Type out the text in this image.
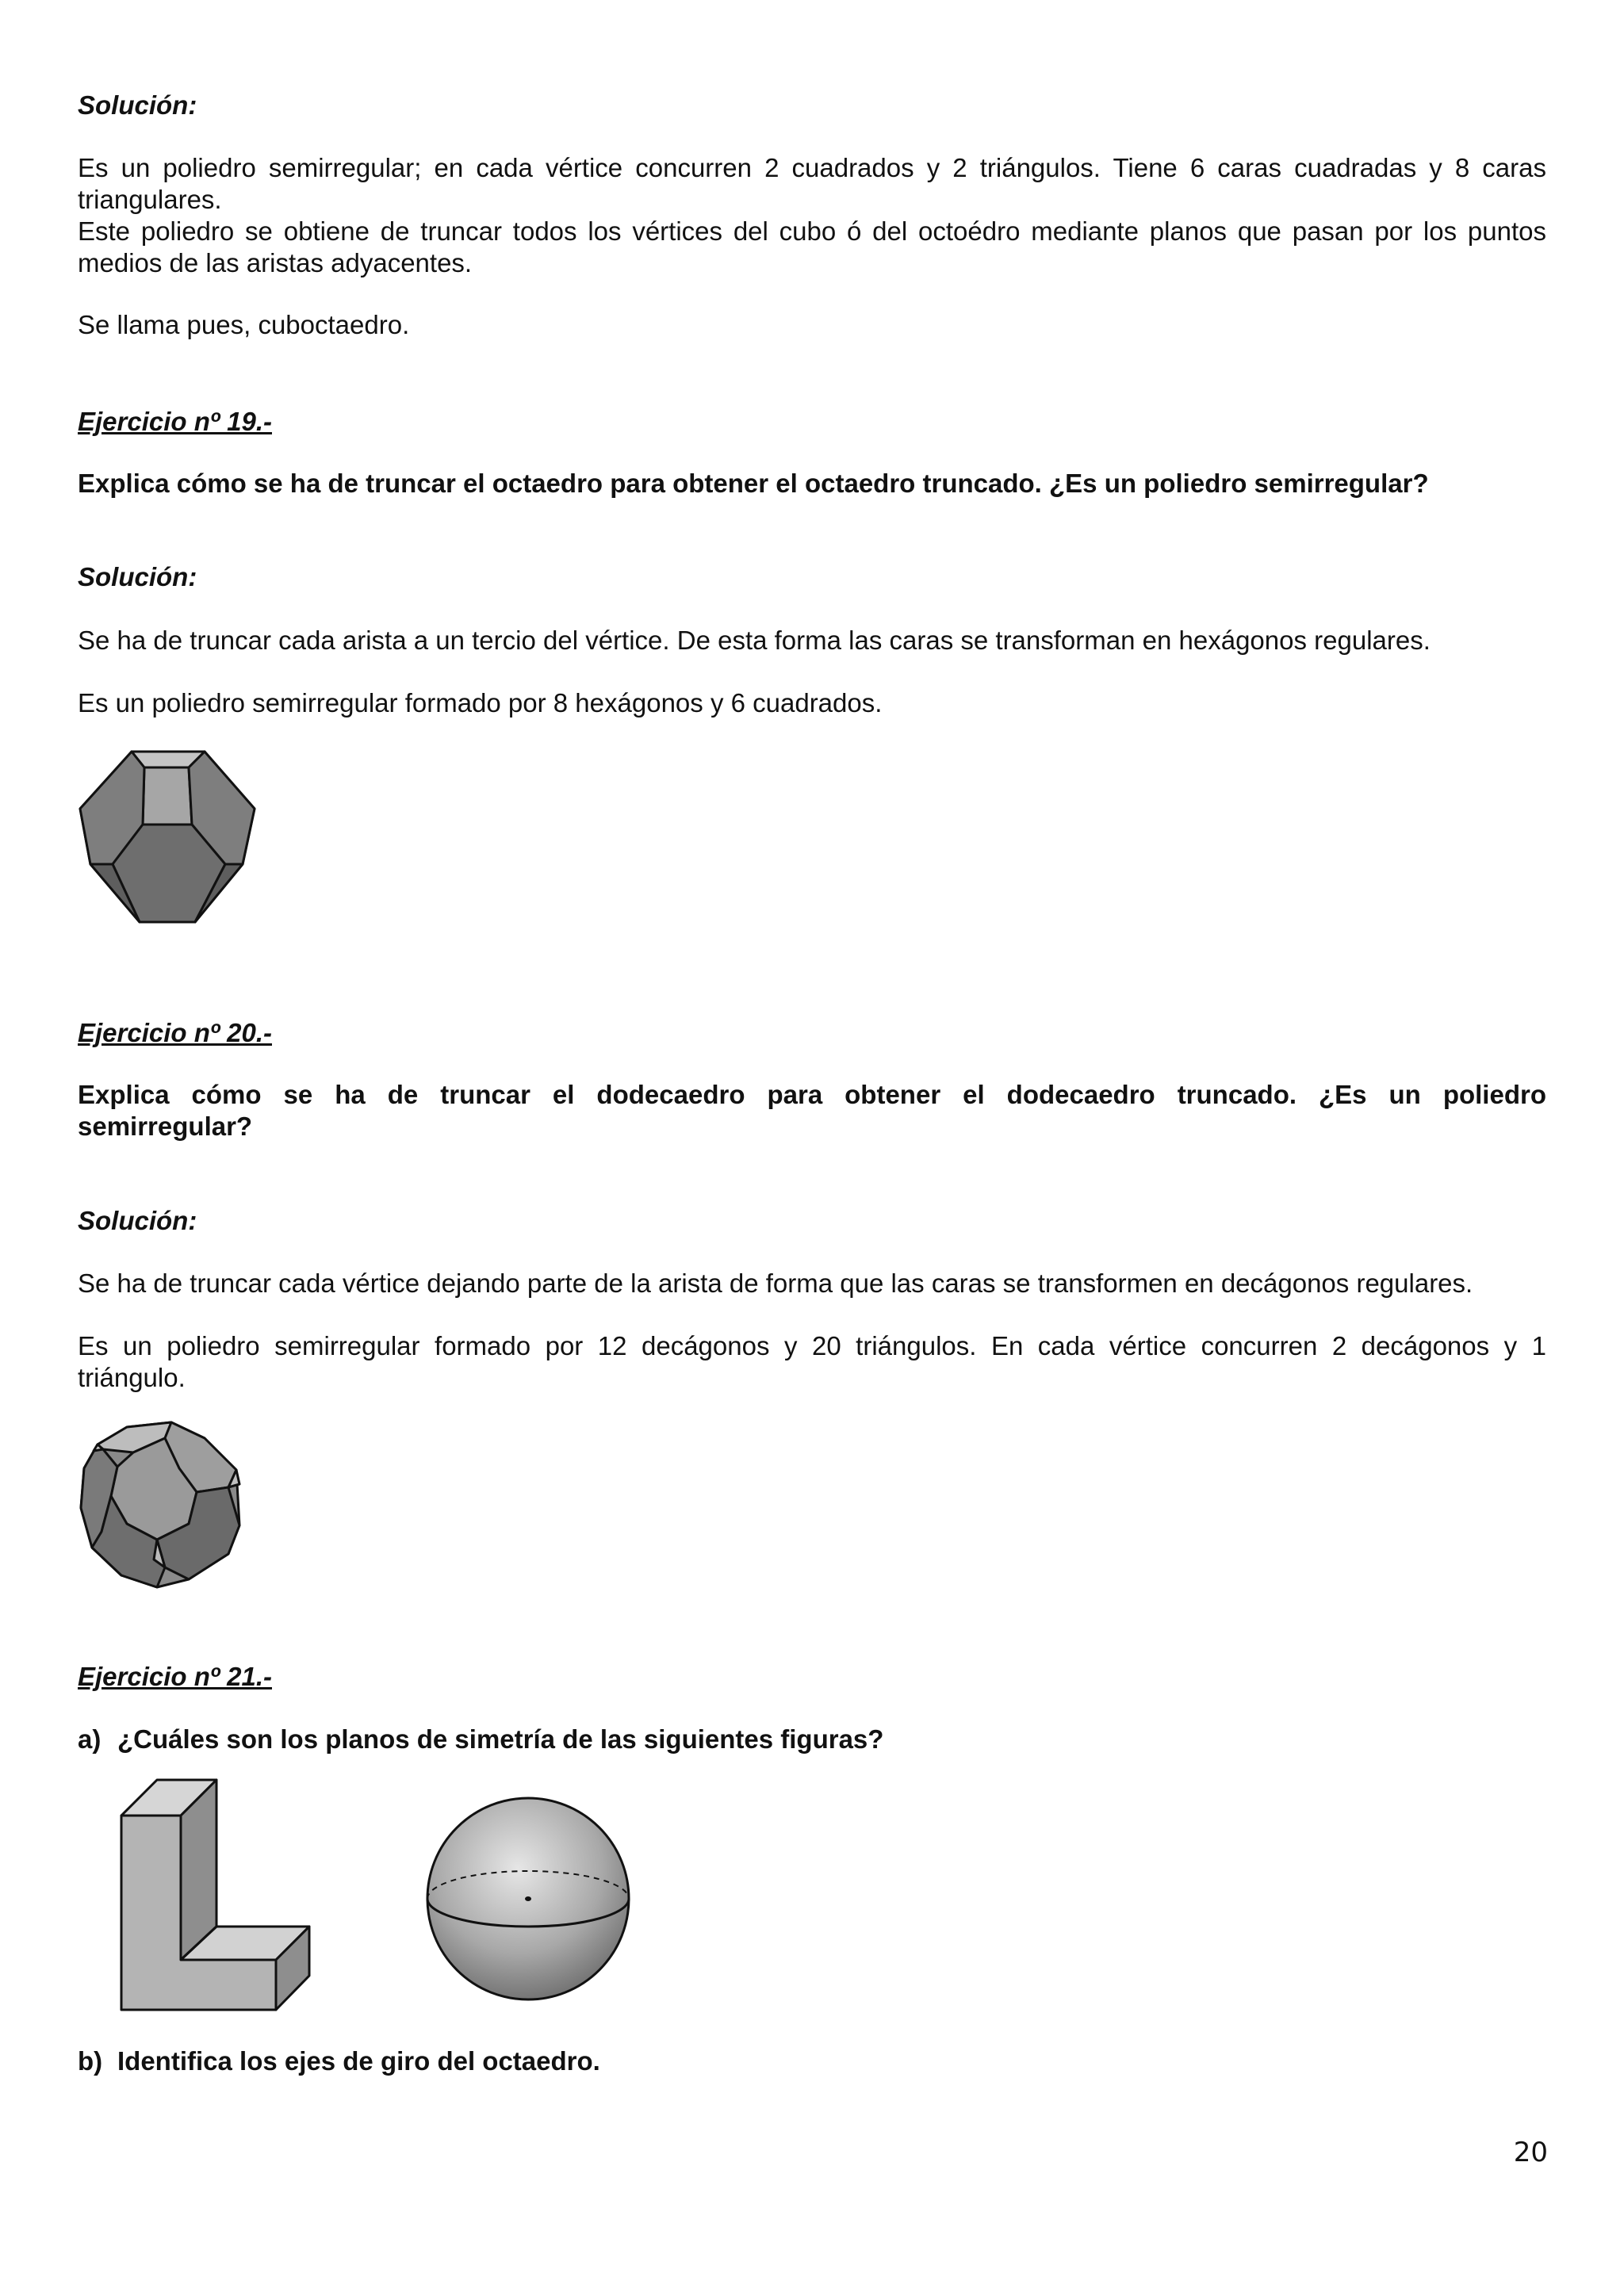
Solución:

Es un poliedro semirregular; en cada vértice concurren 2 cuadrados y 2 triángulos. Tiene 6 caras cuadradas y 8 caras

triangulares.

Este poliedro se obtiene de truncar todos los vértices del cubo ó del octoédro mediante planos que pasan por los puntos

medios de las aristas adyacentes.

Se llama pues, cuboctaedro.

Ejercicio nº 19.-

Explica cómo se ha de truncar el octaedro para obtener el octaedro truncado. ¿Es un poliedro semirregular?

Solución:

Se ha de truncar cada arista a un tercio del vértice. De esta forma las caras se transforman en hexágonos regulares.

Es un poliedro semirregular formado por 8 hexágonos y 6 cuadrados.

Ejercicio nº 20.-

Explica cómo se ha de truncar el dodecaedro para obtener el dodecaedro truncado. ¿Es un poliedro

semirregular?

Solución:

Se ha de truncar cada vértice dejando parte de la arista de forma que las caras se transformen en decágonos regulares.

Es un poliedro semirregular formado por 12 decágonos y 20 triángulos. En cada vértice concurren 2 decágonos y 1

triángulo.

Ejercicio nº 21.-

a) ¿Cuáles son los planos de simetría de las siguientes figuras?

b) Identifica los ejes de giro del octaedro.

20
